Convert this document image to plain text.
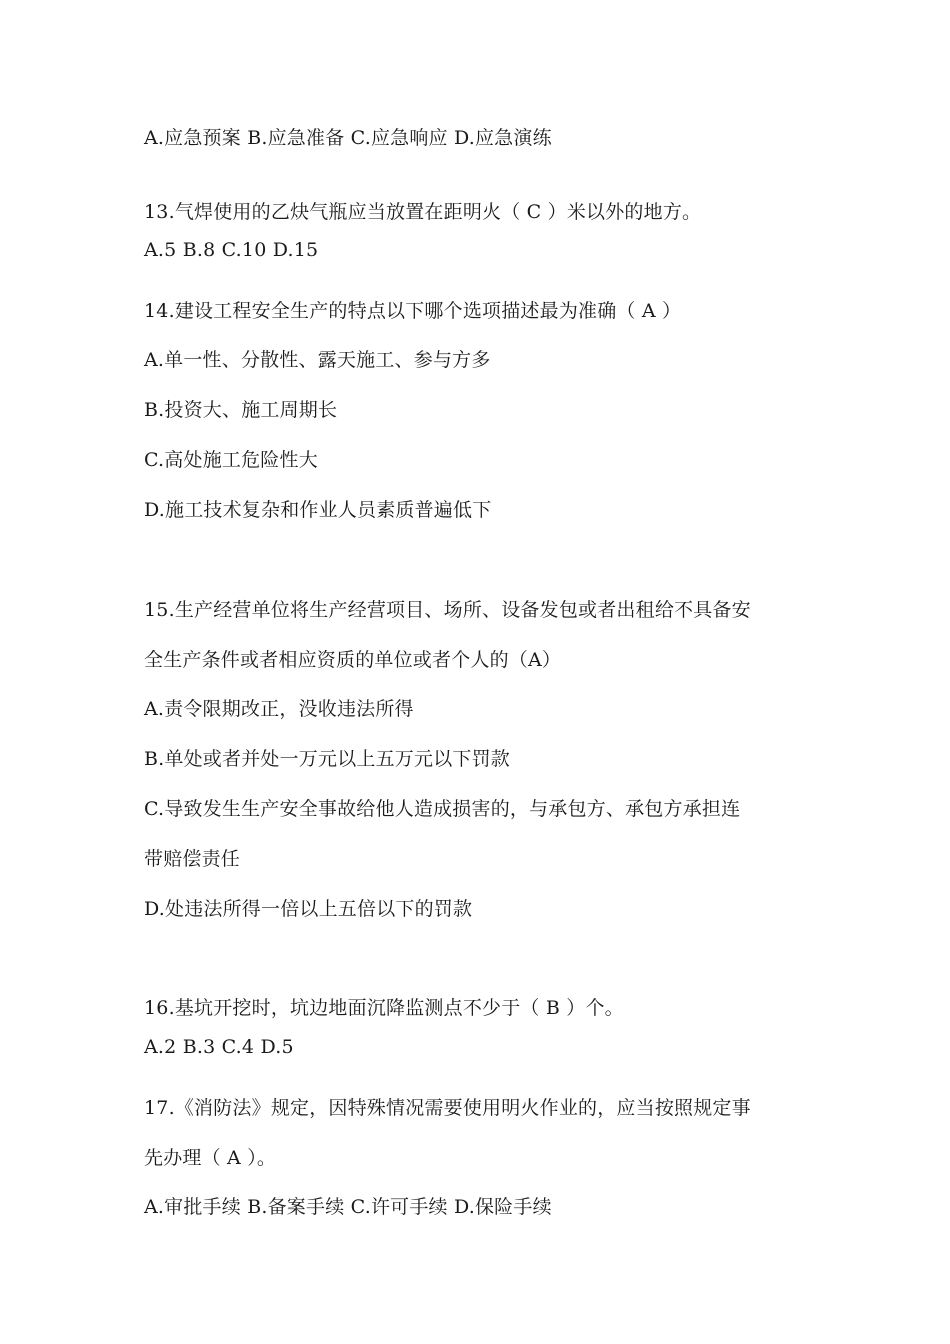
A.应急预案 B.应急准备 C.应急响应 D.应急演练
13.气焊使用的乙炔气瓶应当放置在距明火（ C ）米以外的地方。
A.5 B.8 C.10 D.15
14.建设工程安全生产的特点以下哪个选项描述最为准确（ A ）
A.单一性、分散性、露天施工、参与方多
B.投资大、施工周期长
C.高处施工危险性大
D.施工技术复杂和作业人员素质普遍低下
15.生产经营单位将生产经营项目、场所、设备发包或者出租给不具备安
全生产条件或者相应资质的单位或者个人的（A）
A.责令限期改正，没收违法所得
B.单处或者并处一万元以上五万元以下罚款
C.导致发生生产安全事故给他人造成损害的，与承包方、承包方承担连
带赔偿责任
D.处违法所得一倍以上五倍以下的罚款
16.基坑开挖时，坑边地面沉降监测点不少于（ B ）个。
A.2 B.3 C.4 D.5
17.《消防法》规定，因特殊情况需要使用明火作业的，应当按照规定事
先办理（ A ）。
A.审批手续 B.备案手续 C.许可手续 D.保险手续
